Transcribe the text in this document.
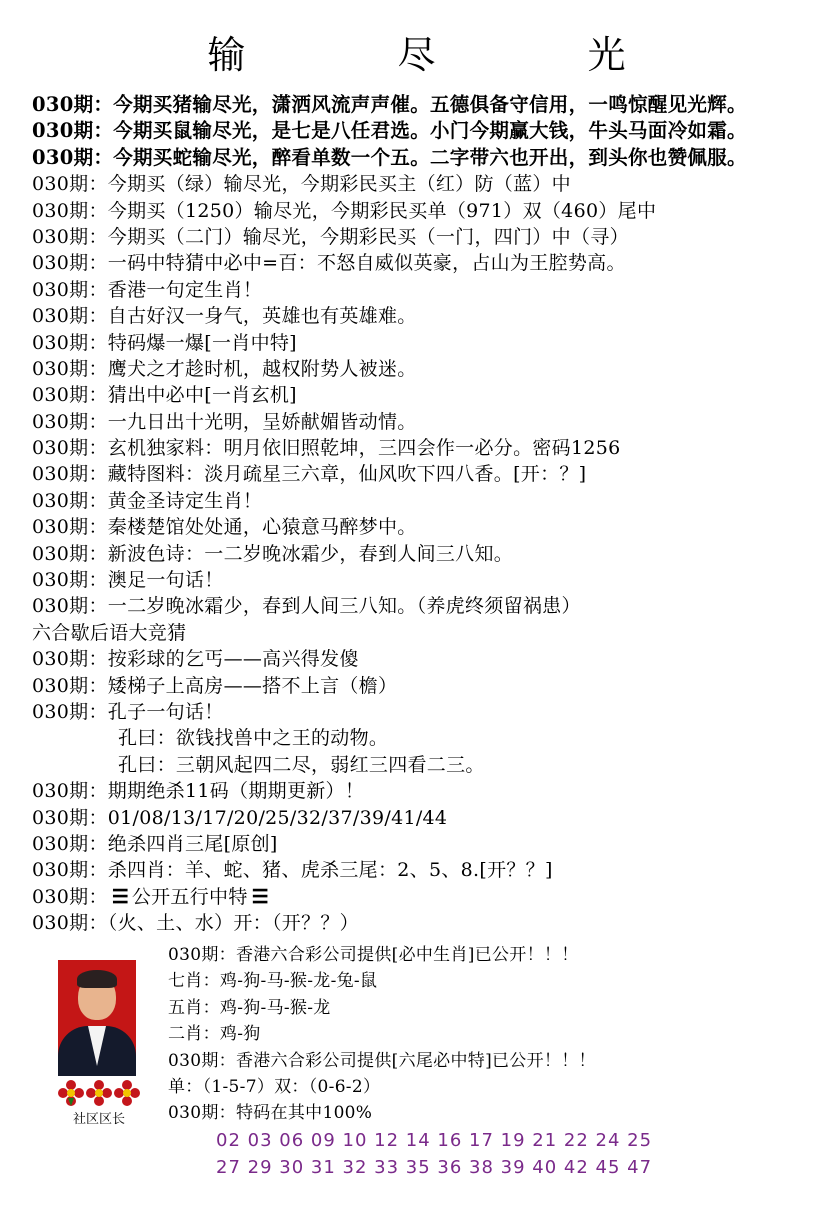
输 尽 光
030期：今期买猪输尽光，潇洒风流声声催。五德俱备守信用，一鸣惊醒见光辉。
030期：今期买鼠输尽光，是七是八任君选。小门今期赢大钱，牛头马面冷如霜。
030期：今期买蛇输尽光，醉看单数一个五。二字带六也开出，到头你也赞佩服。
030期：今期买（绿）输尽光，今期彩民买主（红）防（蓝）中
030期：今期买（1250）输尽光，今期彩民买单（971）双（460）尾中
030期：今期买（二门）输尽光，今期彩民买（一门，四门）中（寻）
030期：一码中特猜中必中=百：不怒自威似英豪，占山为王腔势高。
030期：香港一句定生肖！
030期：自古好汉一身气，英雄也有英雄难。
030期：特码爆一爆[一肖中特]
030期：鹰犬之才趁时机，越权附势人被迷。
030期：猜出中必中[一肖玄机]
030期：一九日出十光明，呈娇献媚皆动情。
030期：玄机独家料：明月依旧照乾坤，三四会作一必分。密码1256
030期：藏特图料：淡月疏星三六章，仙风吹下四八香。[开：？]
030期：黄金圣诗定生肖！
030期：秦楼楚馆处处通，心猿意马醉梦中。
030期：新波色诗：一二岁晚冰霜少，春到人间三八知。
030期：澳足一句话！
030期：一二岁晚冰霜少，春到人间三八知。（养虎终须留祸患）
六合歇后语大竞猜
030期：按彩球的乞丐——高兴得发傻
030期：矮梯子上高房——搭不上言（檐）
030期：孔子一句话！
孔曰：欲钱找兽中之王的动物。
孔曰：三朝风起四二尽，弱红三四看二三。
030期：期期绝杀11码（期期更新）！
030期：01/08/13/17/20/25/32/37/39/41/44
030期：绝杀四肖三尾[原创]
030期：杀四肖：羊、蛇、猪、虎杀三尾：2、5、8.[开？？]
030期： ☰ 公开五行中特 ☰
030期：（火、土、水）开：（开？？）
030期：香港六合彩公司提供[必中生肖]已公开！！！
七肖：鸡-狗-马-猴-龙-兔-鼠
五肖：鸡-狗-马-猴-龙
二肖：鸡-狗
030期：香港六合彩公司提供[六尾必中特]已公开！！！
单：（1-5-7）双：（0-6-2）
030期：特码在其中100%
02 03 06 09 10 12 14 16 17 19 21 22 24 25
27 29 30 31 32 33 35 36 38 39 40 42 45 47
社区区长
